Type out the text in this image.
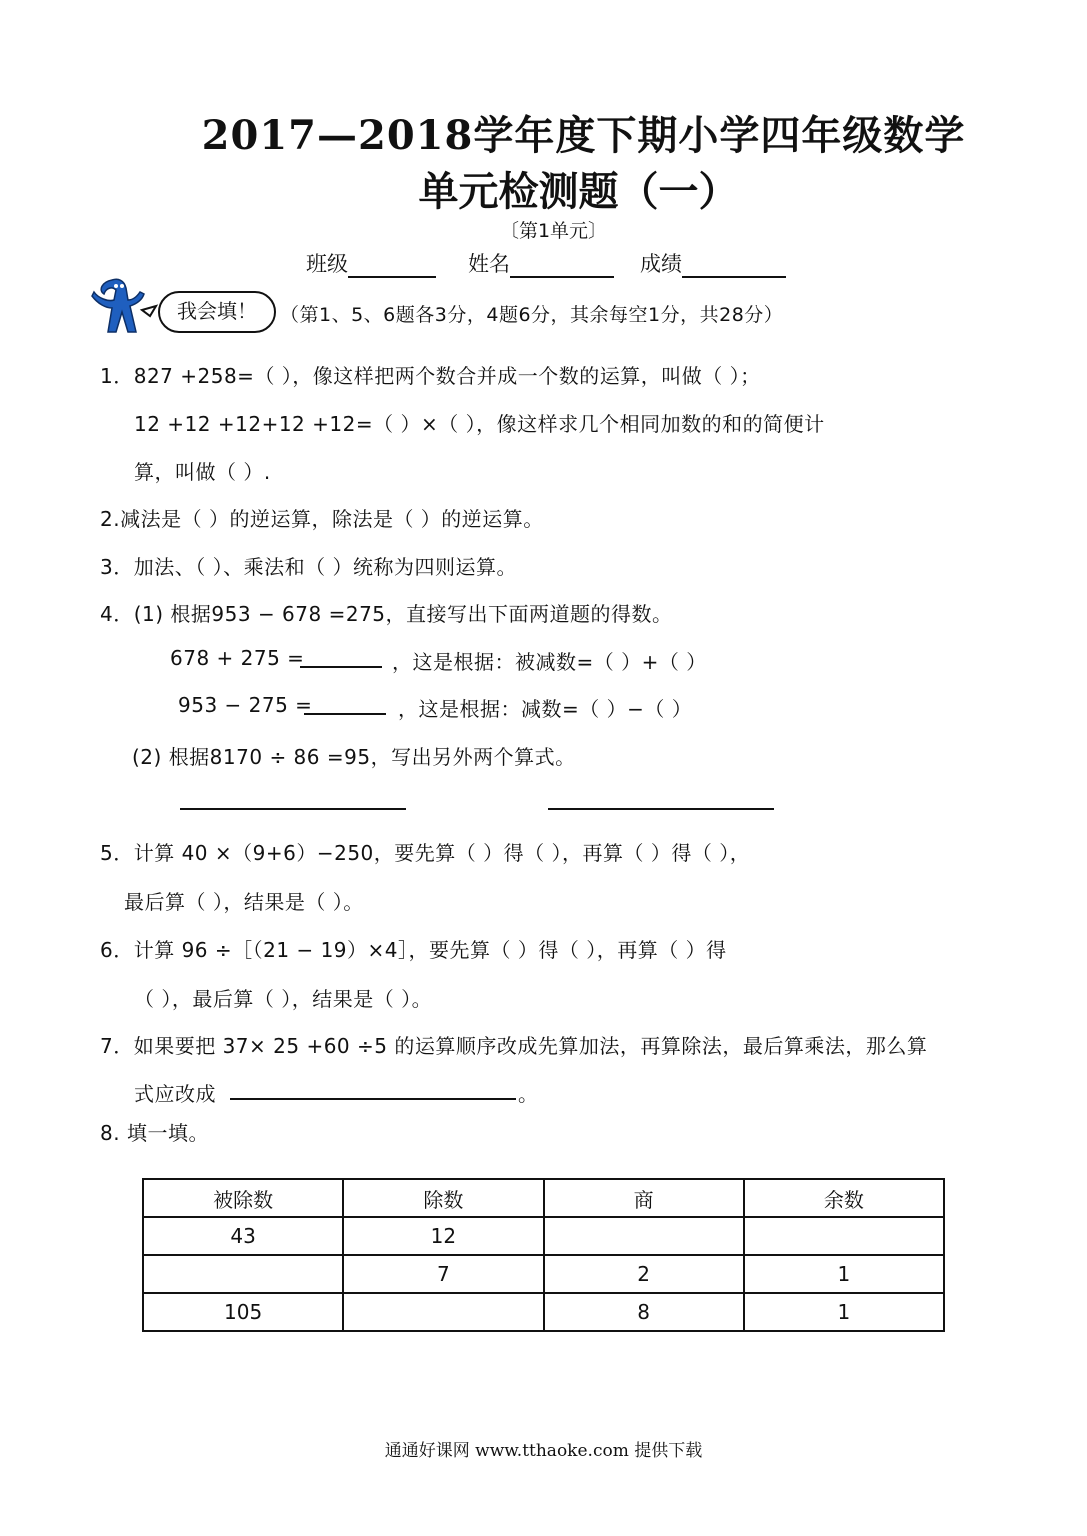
2017—2018学年度下期小学四年级数学
单元检测题（一）
〔第1单元〕
班级	姓名	成绩
我会填！	（第1、5、6题各3分，4题6分，其余每空1分，共28分）
1．827 +258=（ ），像这样把两个数合并成一个数的运算，叫做（ ）；
12 +12 +12+12 +12=（ ）×（ ），像这样求几个相同加数的和的简便计
算，叫做（ ）.
2.减法是（ ）的逆运算，除法是（ ）的逆运算。
3．加法、（ ）、乘法和（ ）统称为四则运算。
4．(1) 根据953 − 678 =275，直接写出下面两道题的得数。
678 + 275 =	，这是根据：被减数=（ ）+（ ）
953 − 275 =	，这是根据：减数=（ ）−（ ）
(2) 根据8170 ÷ 86 =95，写出另外两个算式。
5．计算 40 ×（9+6）−250，要先算（ ）得（ ），再算（ ）得（ ），
最后算（ ），结果是（ ）。
6．计算 96 ÷［（21 − 19）×4］，要先算（ ）得（ ），再算（ ）得
（ ），最后算（ ），结果是（ ）。
7．如果要把 37× 25 +60 ÷5 的运算顺序改成先算加法，再算除法，最后算乘法，那么算
式应改成	。
8. 填一填。
被除数	除数	商	余数
43	12		
	7	2	1
105		8	1
通通好课网 www.tthaoke.com 提供下载
